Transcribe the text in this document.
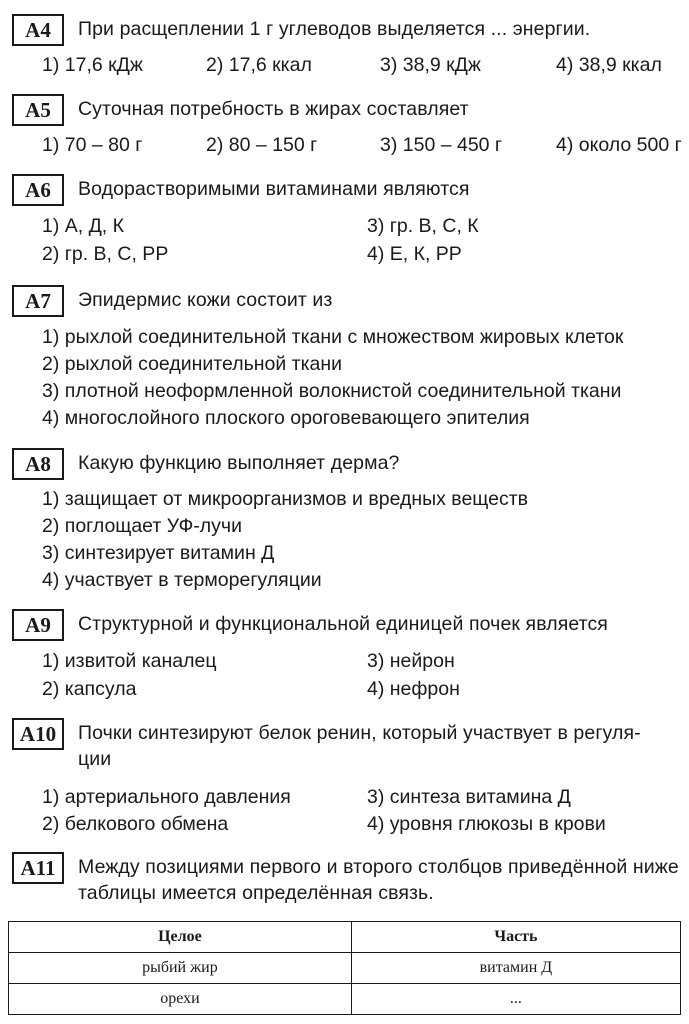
A4	При расщеплении 1 г углеводов выделяется ... энергии.
1) 17,6 кДж	2) 17,6 ккал	3) 38,9 кДж	4) 38,9 ккал
A5	Суточная потребность в жирах составляет
1) 70 – 80 г	2) 80 – 150 г	3) 150 – 450 г	4) около 500 г
A6	Водорастворимыми витаминами являются
1) А, Д, К	3) гр. В, С, К
2) гр. В, С, РР	4) Е, К, РР
A7	Эпидермис кожи состоит из
1) рыхлой соединительной ткани с множеством жировых клеток
2) рыхлой соединительной ткани
3) плотной неоформленной волокнистой соединительной ткани
4) многослойного плоского ороговевающего эпителия
A8	Какую функцию выполняет дерма?
1) защищает от микроорганизмов и вредных веществ
2) поглощает УФ-лучи
3) синтезирует витамин Д
4) участвует в терморегуляции
A9	Структурной и функциональной единицей почек является
1) извитой каналец	3) нейрон
2) капсула	4) нефрон
A10	Почки синтезируют белок ренин, который участвует в регуля-ции
1) артериального давления	3) синтеза витамина Д
2) белкового обмена	4) уровня глюкозы в крови
A11	Между позициями первого и второго столбцов приведённой ниже таблицы имеется определённая связь.
Целое	Часть
рыбий жир	витамин Д
орехи	...
